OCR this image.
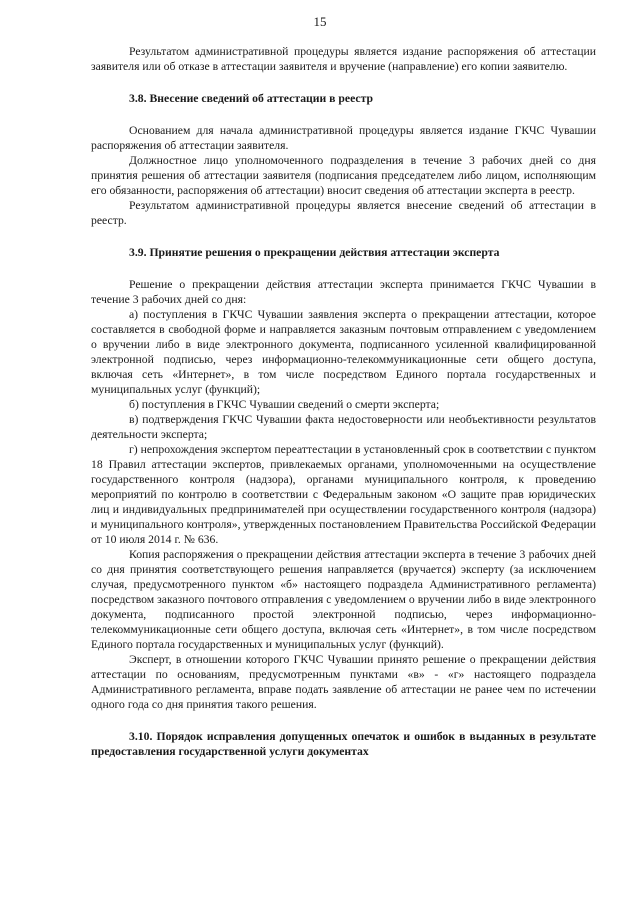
15

Результатом административной процедуры является издание распоряжения об аттестации заявителя или об отказе в аттестации заявителя и вручение (направление) его копии заявителю.

3.8. Внесение сведений об аттестации в реестр

Основанием для начала административной процедуры является издание ГКЧС Чувашии распоряжения об аттестации заявителя.

Должностное лицо уполномоченного подразделения в течение 3 рабочих дней со дня принятия решения об аттестации заявителя (подписания председателем либо лицом, исполняющим его обязанности, распоряжения об аттестации) вносит сведения об аттестации эксперта в реестр.

Результатом административной процедуры является внесение сведений об аттестации в реестр.

3.9. Принятие решения о прекращении действия аттестации эксперта

Решение о прекращении действия аттестации эксперта принимается ГКЧС Чувашии в течение 3 рабочих дней со дня:

а) поступления в ГКЧС Чувашии заявления эксперта о прекращении аттестации, которое составляется в свободной форме и направляется заказным почтовым отправлением с уведомлением о вручении либо в виде электронного документа, подписанного усиленной квалифицированной электронной подписью, через информационно-телекоммуникационные сети общего доступа, включая сеть «Интернет», в том числе посредством Единого портала государственных и муниципальных услуг (функций);

б) поступления в ГКЧС Чувашии сведений о смерти эксперта;

в) подтверждения ГКЧС Чувашии факта недостоверности или необъективности результатов деятельности эксперта;

г) непрохождения экспертом переаттестации в установленный срок в соответствии с пунктом 18 Правил аттестации экспертов, привлекаемых органами, уполномоченными на осуществление государственного контроля (надзора), органами муниципального контроля, к проведению мероприятий по контролю в соответствии с Федеральным законом «О защите прав юридических лиц и индивидуальных предпринимателей при осуществлении государственного контроля (надзора) и муниципального контроля», утвержденных постановлением Правительства Российской Федерации от 10 июля 2014 г. № 636.

Копия распоряжения о прекращении действия аттестации эксперта в течение 3 рабочих дней со дня принятия соответствующего решения направляется (вручается) эксперту (за исключением случая, предусмотренного пунктом «б» настоящего подраздела Административного регламента) посредством заказного почтового отправления с уведомлением о вручении либо в виде электронного документа, подписанного простой электронной подписью, через информационно-телекоммуникационные сети общего доступа, включая сеть «Интернет», в том числе посредством Единого портала государственных и муниципальных услуг (функций).

Эксперт, в отношении которого ГКЧС Чувашии принято решение о прекращении действия аттестации по основаниям, предусмотренным пунктами «в» - «г» настоящего подраздела Административного регламента, вправе подать заявление об аттестации не ранее чем по истечении одного года со дня принятия такого решения.

3.10. Порядок исправления допущенных опечаток и ошибок в выданных в результате предоставления государственной услуги документах
